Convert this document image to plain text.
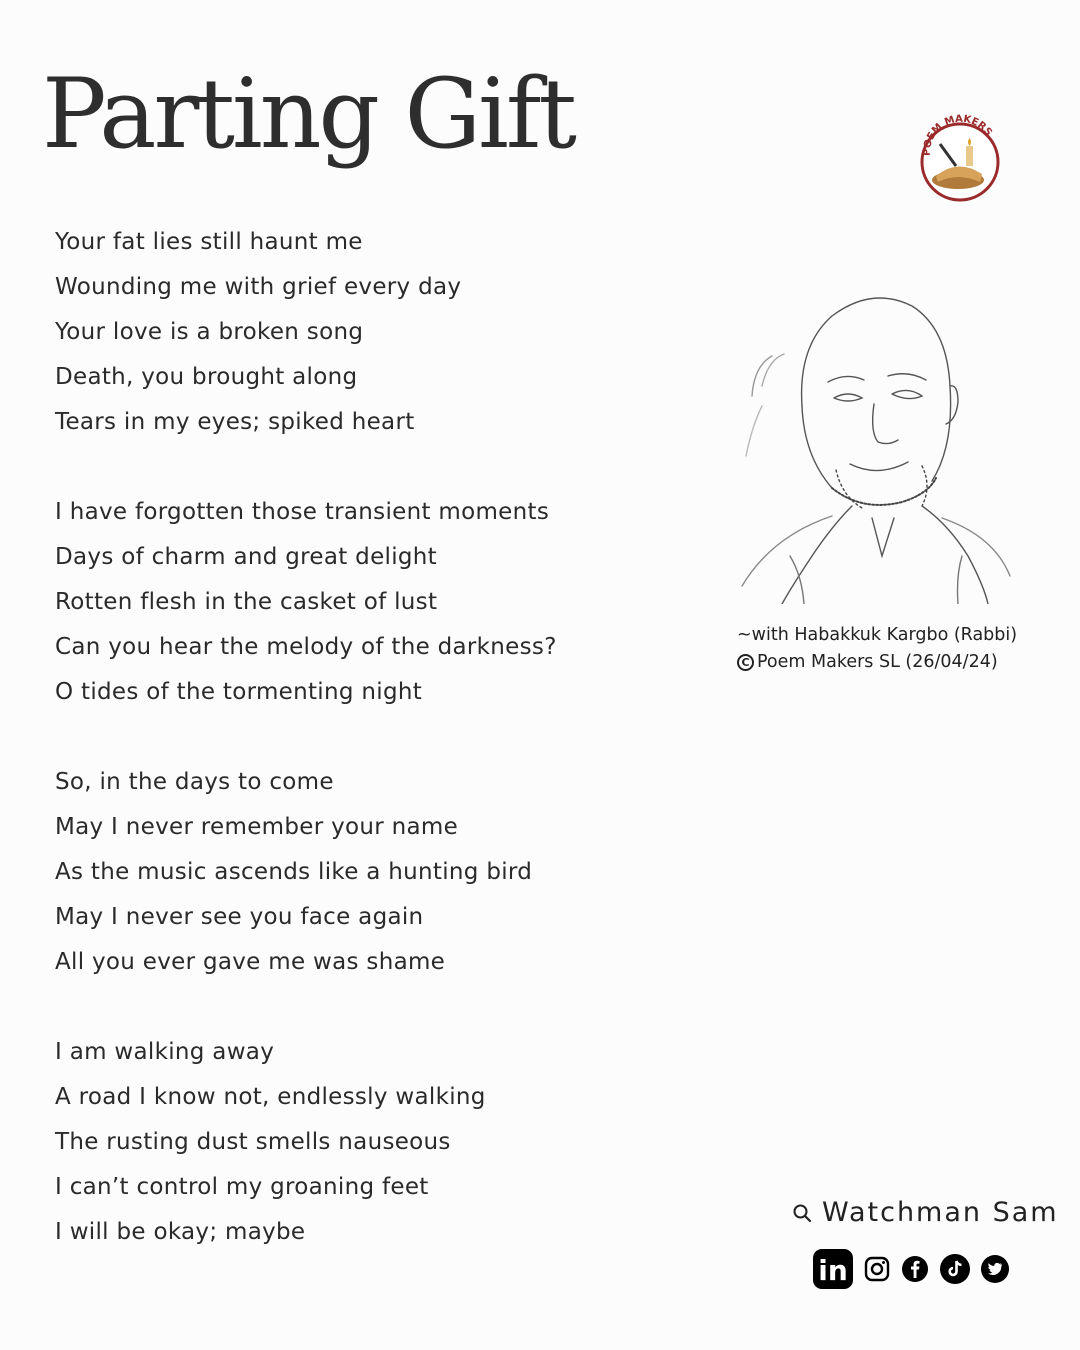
Parting Gift	POEM MAKERS
Your fat lies still haunt me
Wounding me with grief every day
Your love is a broken song
Death, you brought along
Tears in my eyes; spiked heart
I have forgotten those transient moments
Days of charm and great delight
Rotten flesh in the casket of lust
Can you hear the melody of the darkness?
O tides of the tormenting night
So, in the days to come
May I never remember your name
As the music ascends like a hunting bird
May I never see you face again
All you ever gave me was shame
I am walking away
A road I know not, endlessly walking
The rusting dust smells nauseous
I can’t control my groaning feet
I will be okay; maybe
~with Habakkuk Kargbo (Rabbi)
C Poem Makers SL (26/04/24)
Watchman Sam
in
